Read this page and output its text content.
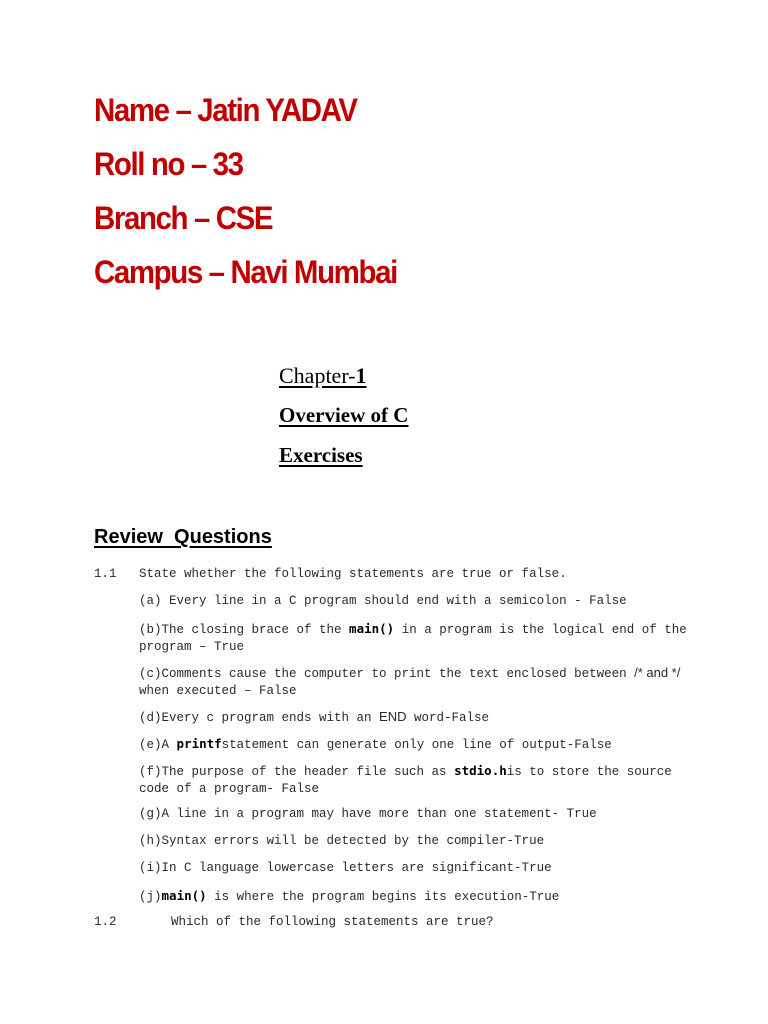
Name – Jatin YADAV
Roll no – 33
Branch – CSE
Campus – Navi Mumbai
Chapter-1
Overview of C
Exercises
Review  Questions
1.1 State whether the following statements are true or false.
(a) Every line in a C program should end with a semicolon - False
(b)The closing brace of the main() in a program is the logical end of the program – True
(c)Comments cause the computer to print the text enclosed between /* and */ when executed – False
(d)Every c program ends with an END word-False
(e)A printfstatement can generate only one line of output-False
(f)The purpose of the header file such as stdio.his to store the source code of a program- False
(g)A line in a program may have more than one statement- True
(h)Syntax errors will be detected by the compiler-True
(i)In C language lowercase letters are significant-True
(j)main() is where the program begins its execution-True
1.2	Which of the following statements are true?
